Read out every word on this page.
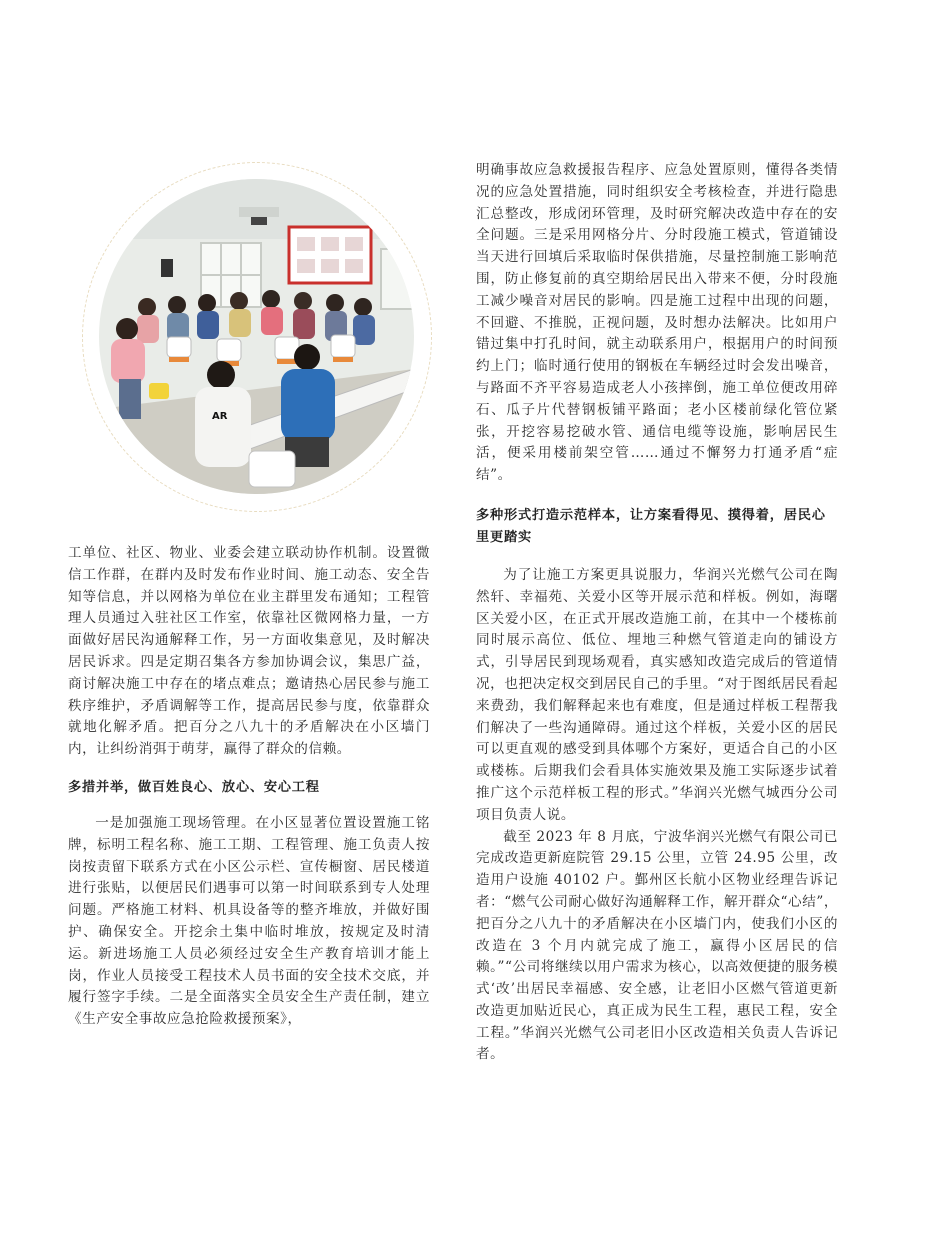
AR

工单位、社区、物业、业委会建立联动协作机制。设置微信工作群，在群内及时发布作业时间、施工动态、安全告知等信息，并以网格为单位在业主群里发布通知；工程管理人员通过入驻社区工作室，依靠社区微网格力量，一方面做好居民沟通解释工作，另一方面收集意见，及时解决居民诉求。四是定期召集各方参加协调会议，集思广益，商讨解决施工中存在的堵点难点；邀请热心居民参与施工秩序维护，矛盾调解等工作，提高居民参与度，依靠群众就地化解矛盾。把百分之八九十的矛盾解决在小区墙门内，让纠纷消弭于萌芽，赢得了群众的信赖。

多措并举，做百姓良心、放心、安心工程

一是加强施工现场管理。在小区显著位置设置施工铭牌，标明工程名称、施工工期、工程管理、施工负责人按岗按责留下联系方式在小区公示栏、宣传橱窗、居民楼道进行张贴，以便居民们遇事可以第一时间联系到专人处理问题。严格施工材料、机具设备等的整齐堆放，并做好围护、确保安全。开挖余土集中临时堆放，按规定及时清运。新进场施工人员必须经过安全生产教育培训才能上岗，作业人员接受工程技术人员书面的安全技术交底，并履行签字手续。二是全面落实全员安全生产责任制，建立《生产安全事故应急抢险救援预案》，

明确事故应急救援报告程序、应急处置原则，懂得各类情况的应急处置措施，同时组织安全考核检查，并进行隐患汇总整改，形成闭环管理，及时研究解决改造中存在的安全问题。三是采用网格分片、分时段施工模式，管道铺设当天进行回填后采取临时保供措施，尽量控制施工影响范围，防止修复前的真空期给居民出入带来不便，分时段施工减少噪音对居民的影响。四是施工过程中出现的问题，不回避、不推脱，正视问题，及时想办法解决。比如用户错过集中打孔时间，就主动联系用户，根据用户的时间预约上门；临时通行使用的钢板在车辆经过时会发出噪音，与路面不齐平容易造成老人小孩摔倒，施工单位便改用碎石、瓜子片代替钢板铺平路面；老小区楼前绿化管位紧张，开挖容易挖破水管、通信电缆等设施，影响居民生活，便采用楼前架空管……通过不懈努力打通矛盾“症结”。

多种形式打造示范样本，让方案看得见、摸得着，居民心里更踏实

为了让施工方案更具说服力，华润兴光燃气公司在陶然轩、幸福苑、关爱小区等开展示范和样板。例如，海曙区关爱小区，在正式开展改造施工前，在其中一个楼栋前同时展示高位、低位、埋地三种燃气管道走向的铺设方式，引导居民到现场观看，真实感知改造完成后的管道情况，也把决定权交到居民自己的手里。“对于图纸居民看起来费劲，我们解释起来也有难度，但是通过样板工程帮我们解决了一些沟通障碍。通过这个样板，关爱小区的居民可以更直观的感受到具体哪个方案好，更适合自己的小区或楼栋。后期我们会看具体实施效果及施工实际逐步试着推广这个示范样板工程的形式。”华润兴光燃气城西分公司项目负责人说。

截至 2023 年 8 月底，宁波华润兴光燃气有限公司已完成改造更新庭院管 29.15 公里，立管 24.95 公里，改造用户设施 40102 户。鄞州区长航小区物业经理告诉记者：“燃气公司耐心做好沟通解释工作，解开群众“心结”，把百分之八九十的矛盾解决在小区墙门内，使我们小区的改造在 3 个月内就完成了施工，赢得小区居民的信赖。”“公司将继续以用户需求为核心，以高效便捷的服务模式‘改’出居民幸福感、安全感，让老旧小区燃气管道更新改造更加贴近民心，真正成为民生工程，惠民工程，安全工程。”华润兴光燃气公司老旧小区改造相关负责人告诉记者。
